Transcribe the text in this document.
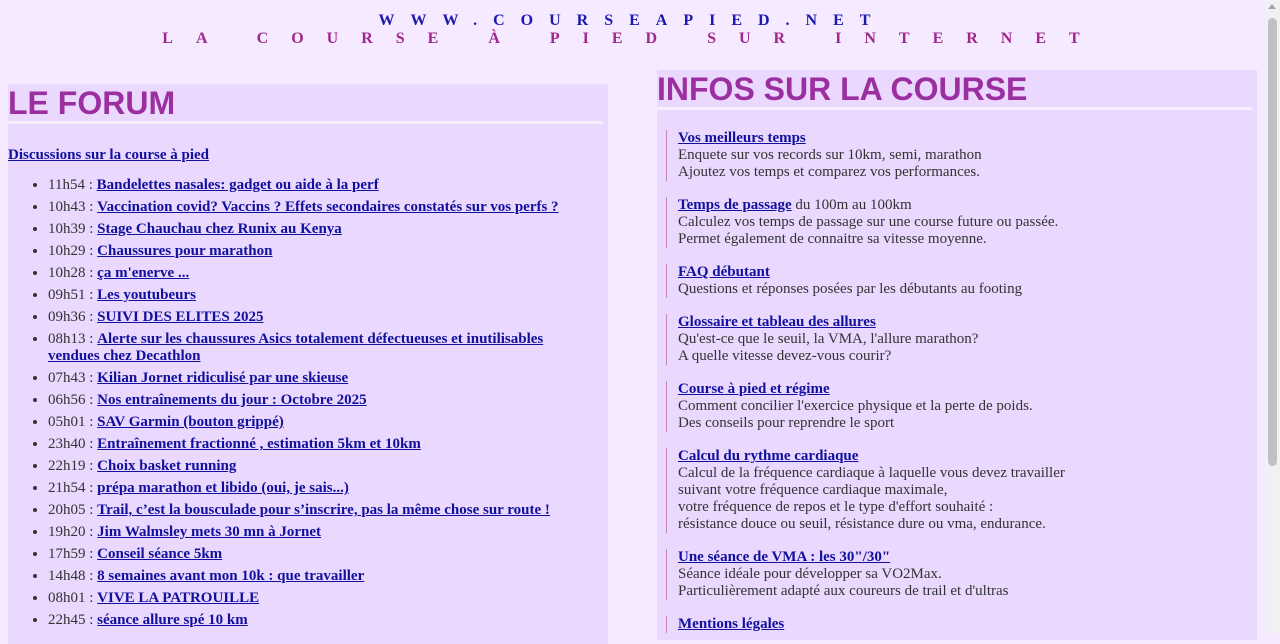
WWW.COURSEAPIED.NET
LA COURSE À PIED SUR INTERNET
LE FORUM
Discussions sur la course à pied
• 11h54 : Bandelettes nasales: gadget ou aide à la perf
• 10h43 : Vaccination covid? Vaccins ? Effets secondaires constatés sur vos perfs ?
• 10h39 : Stage Chauchau chez Runix au Kenya
• 10h29 : Chaussures pour marathon
• 10h28 : ça m'enerve ...
• 09h51 : Les youtubeurs
• 09h36 : SUIVI DES ELITES 2025
• 08h13 : Alerte sur les chaussures Asics totalement défectueuses et inutilisables vendues chez Decathlon
• 07h43 : Kilian Jornet ridiculisé par une skieuse
• 06h56 : Nos entraînements du jour : Octobre 2025
• 05h01 : SAV Garmin (bouton grippé)
• 23h40 : Entraînement fractionné , estimation 5km et 10km
• 22h19 : Choix basket running
• 21h54 : prépa marathon et libido (oui, je sais...)
• 20h05 : Trail, c’est la bousculade pour s’inscrire, pas la même chose sur route !
• 19h20 : Jim Walmsley mets 30 mn à Jornet
• 17h59 : Conseil séance 5km
• 14h48 : 8 semaines avant mon 10k : que travailler
• 08h01 : VIVE LA PATROUILLE
• 22h45 : séance allure spé 10 km
INFOS SUR LA COURSE
Vos meilleurs temps
Enquete sur vos records sur 10km, semi, marathon
Ajoutez vos temps et comparez vos performances.
Temps de passage du 100m au 100km
Calculez vos temps de passage sur une course future ou passée.
Permet également de connaitre sa vitesse moyenne.
FAQ débutant
Questions et réponses posées par les débutants au footing
Glossaire et tableau des allures
Qu'est-ce que le seuil, la VMA, l'allure marathon?
A quelle vitesse devez-vous courir?
Course à pied et régime
Comment concilier l'exercice physique et la perte de poids.
Des conseils pour reprendre le sport
Calcul du rythme cardiaque
Calcul de la fréquence cardiaque à laquelle vous devez travailler
suivant votre fréquence cardiaque maximale,
votre fréquence de repos et le type d'effort souhaité :
résistance douce ou seuil, résistance dure ou vma, endurance.
Une séance de VMA : les 30"/30"
Séance idéale pour développer sa VO2Max.
Particulièrement adapté aux coureurs de trail et d'ultras
Mentions légales
